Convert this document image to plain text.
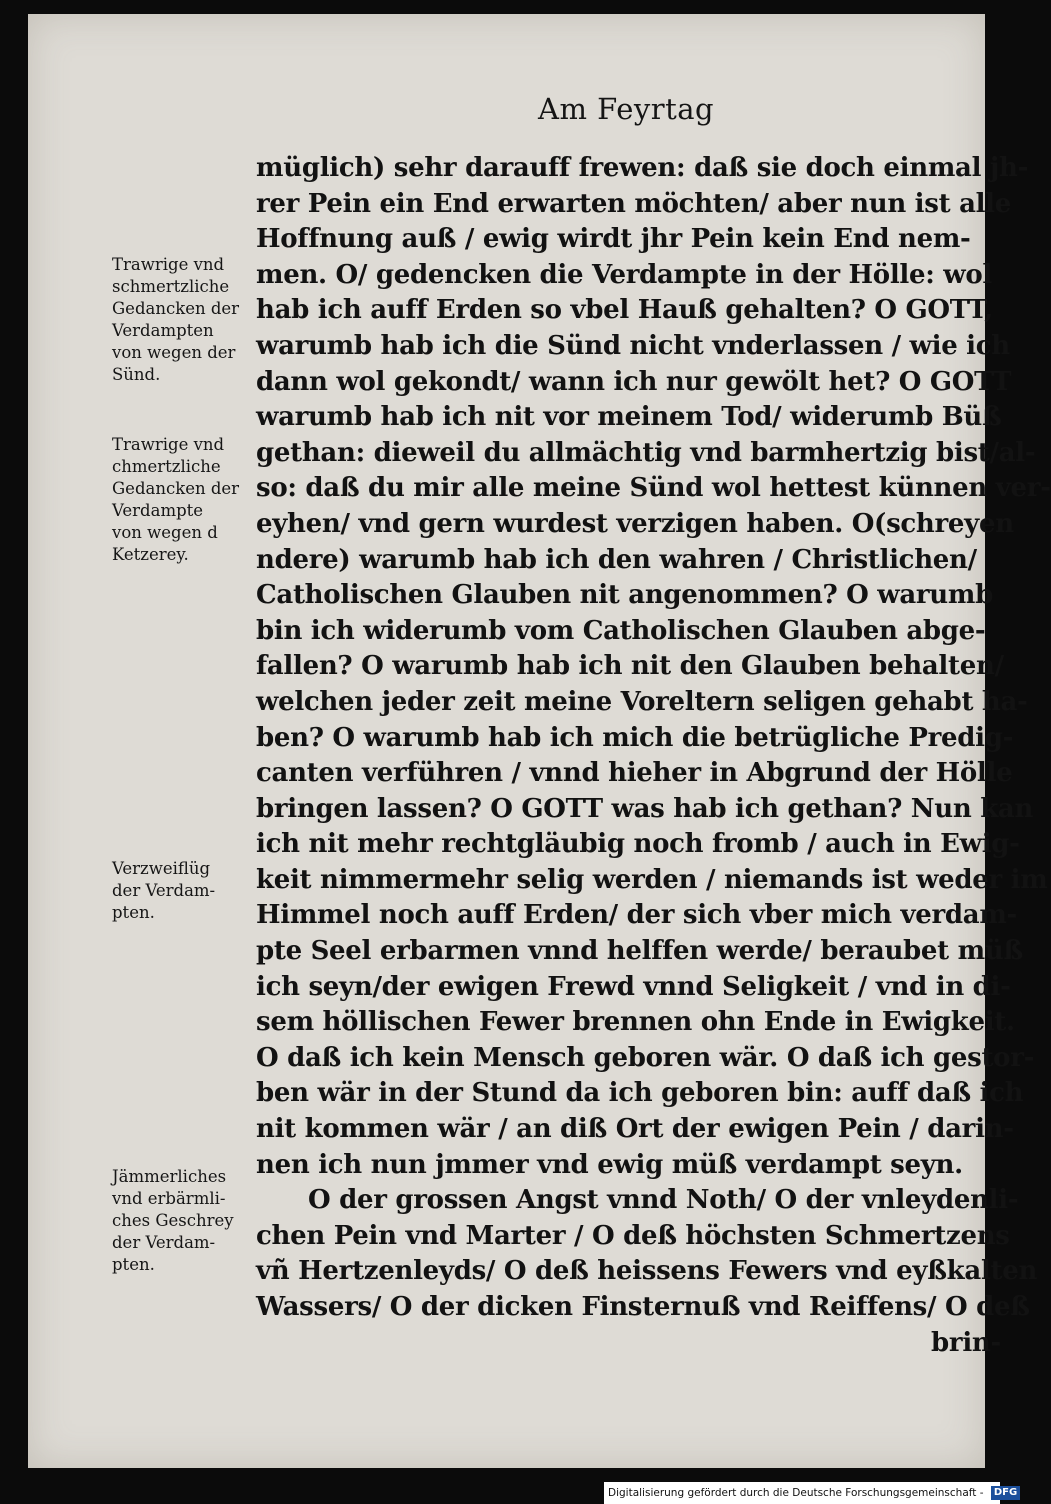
Am Feyrtag
müglich) sehr darauff frewen: daß sie doch einmal jh-
rer Pein ein End erwarten möchten/ aber nun ist alle
Hoffnung auß / ewig wirdt jhr Pein kein End nem-
men. O/ gedencken die Verdampte in der Hölle: wol
hab ich auff Erden so vbel Hauß gehalten? O GOTT,
warumb hab ich die Sünd nicht vnderlassen / wie ich
dann wol gekondt/ wann ich nur gewölt het? O GOTT
warumb hab ich nit vor meinem Tod/ widerumb Büß
gethan: dieweil du allmächtig vnd barmhertzig bist/al-
so: daß du mir alle meine Sünd wol hettest künnen ver-
eyhen/ vnd gern wurdest verzigen haben. O(schreyen
ndere) warumb hab ich den wahren / Christlichen/
Catholischen Glauben nit angenommen? O warumb
bin ich widerumb vom Catholischen Glauben abge-
fallen? O warumb hab ich nit den Glauben behalten/
welchen jeder zeit meine Voreltern seligen gehabt ha-
ben? O warumb hab ich mich die betrügliche Predig-
canten verführen / vnnd hieher in Abgrund der Hölle
bringen lassen? O GOTT was hab ich gethan? Nun kan
ich nit mehr rechtgläubig noch fromb / auch in Ewig-
keit nimmermehr selig werden / niemands ist weder im
Himmel noch auff Erden/ der sich vber mich verdam-
pte Seel erbarmen vnnd helffen werde/ beraubet müß
ich seyn/der ewigen Frewd vnnd Seligkeit / vnd in di-
sem höllischen Fewer brennen ohn Ende in Ewigkeit.
O daß ich kein Mensch geboren wär. O daß ich gestor-
ben wär in der Stund da ich geboren bin: auff daß ich
nit kommen wär / an diß Ort der ewigen Pein / darin-
nen ich nun jmmer vnd ewig müß verdampt seyn.
O der grossen Angst vnnd Noth/ O der vnleydenli-
chen Pein vnd Marter / O deß höchsten Schmertzens
vñ Hertzenleyds/ O deß heissens Fewers vnd eyßkalten
Wassers/ O der dicken Finsternuß vnd Reiffens/ O deß
brin-
Trawrige vnd
schmertzliche
Gedancken der
Verdampten
von wegen der
Sünd.
Trawrige vnd
chmertzliche
Gedancken der
Verdampte
von wegen d
Ketzerey.
Verzweiflüg
der Verdam-
pten.
Jämmerliches
vnd erbärmli-
ches Geschrey
der Verdam-
pten.
Digitalisierung gefördert durch die Deutsche Forschungsgemeinschaft - DFG
